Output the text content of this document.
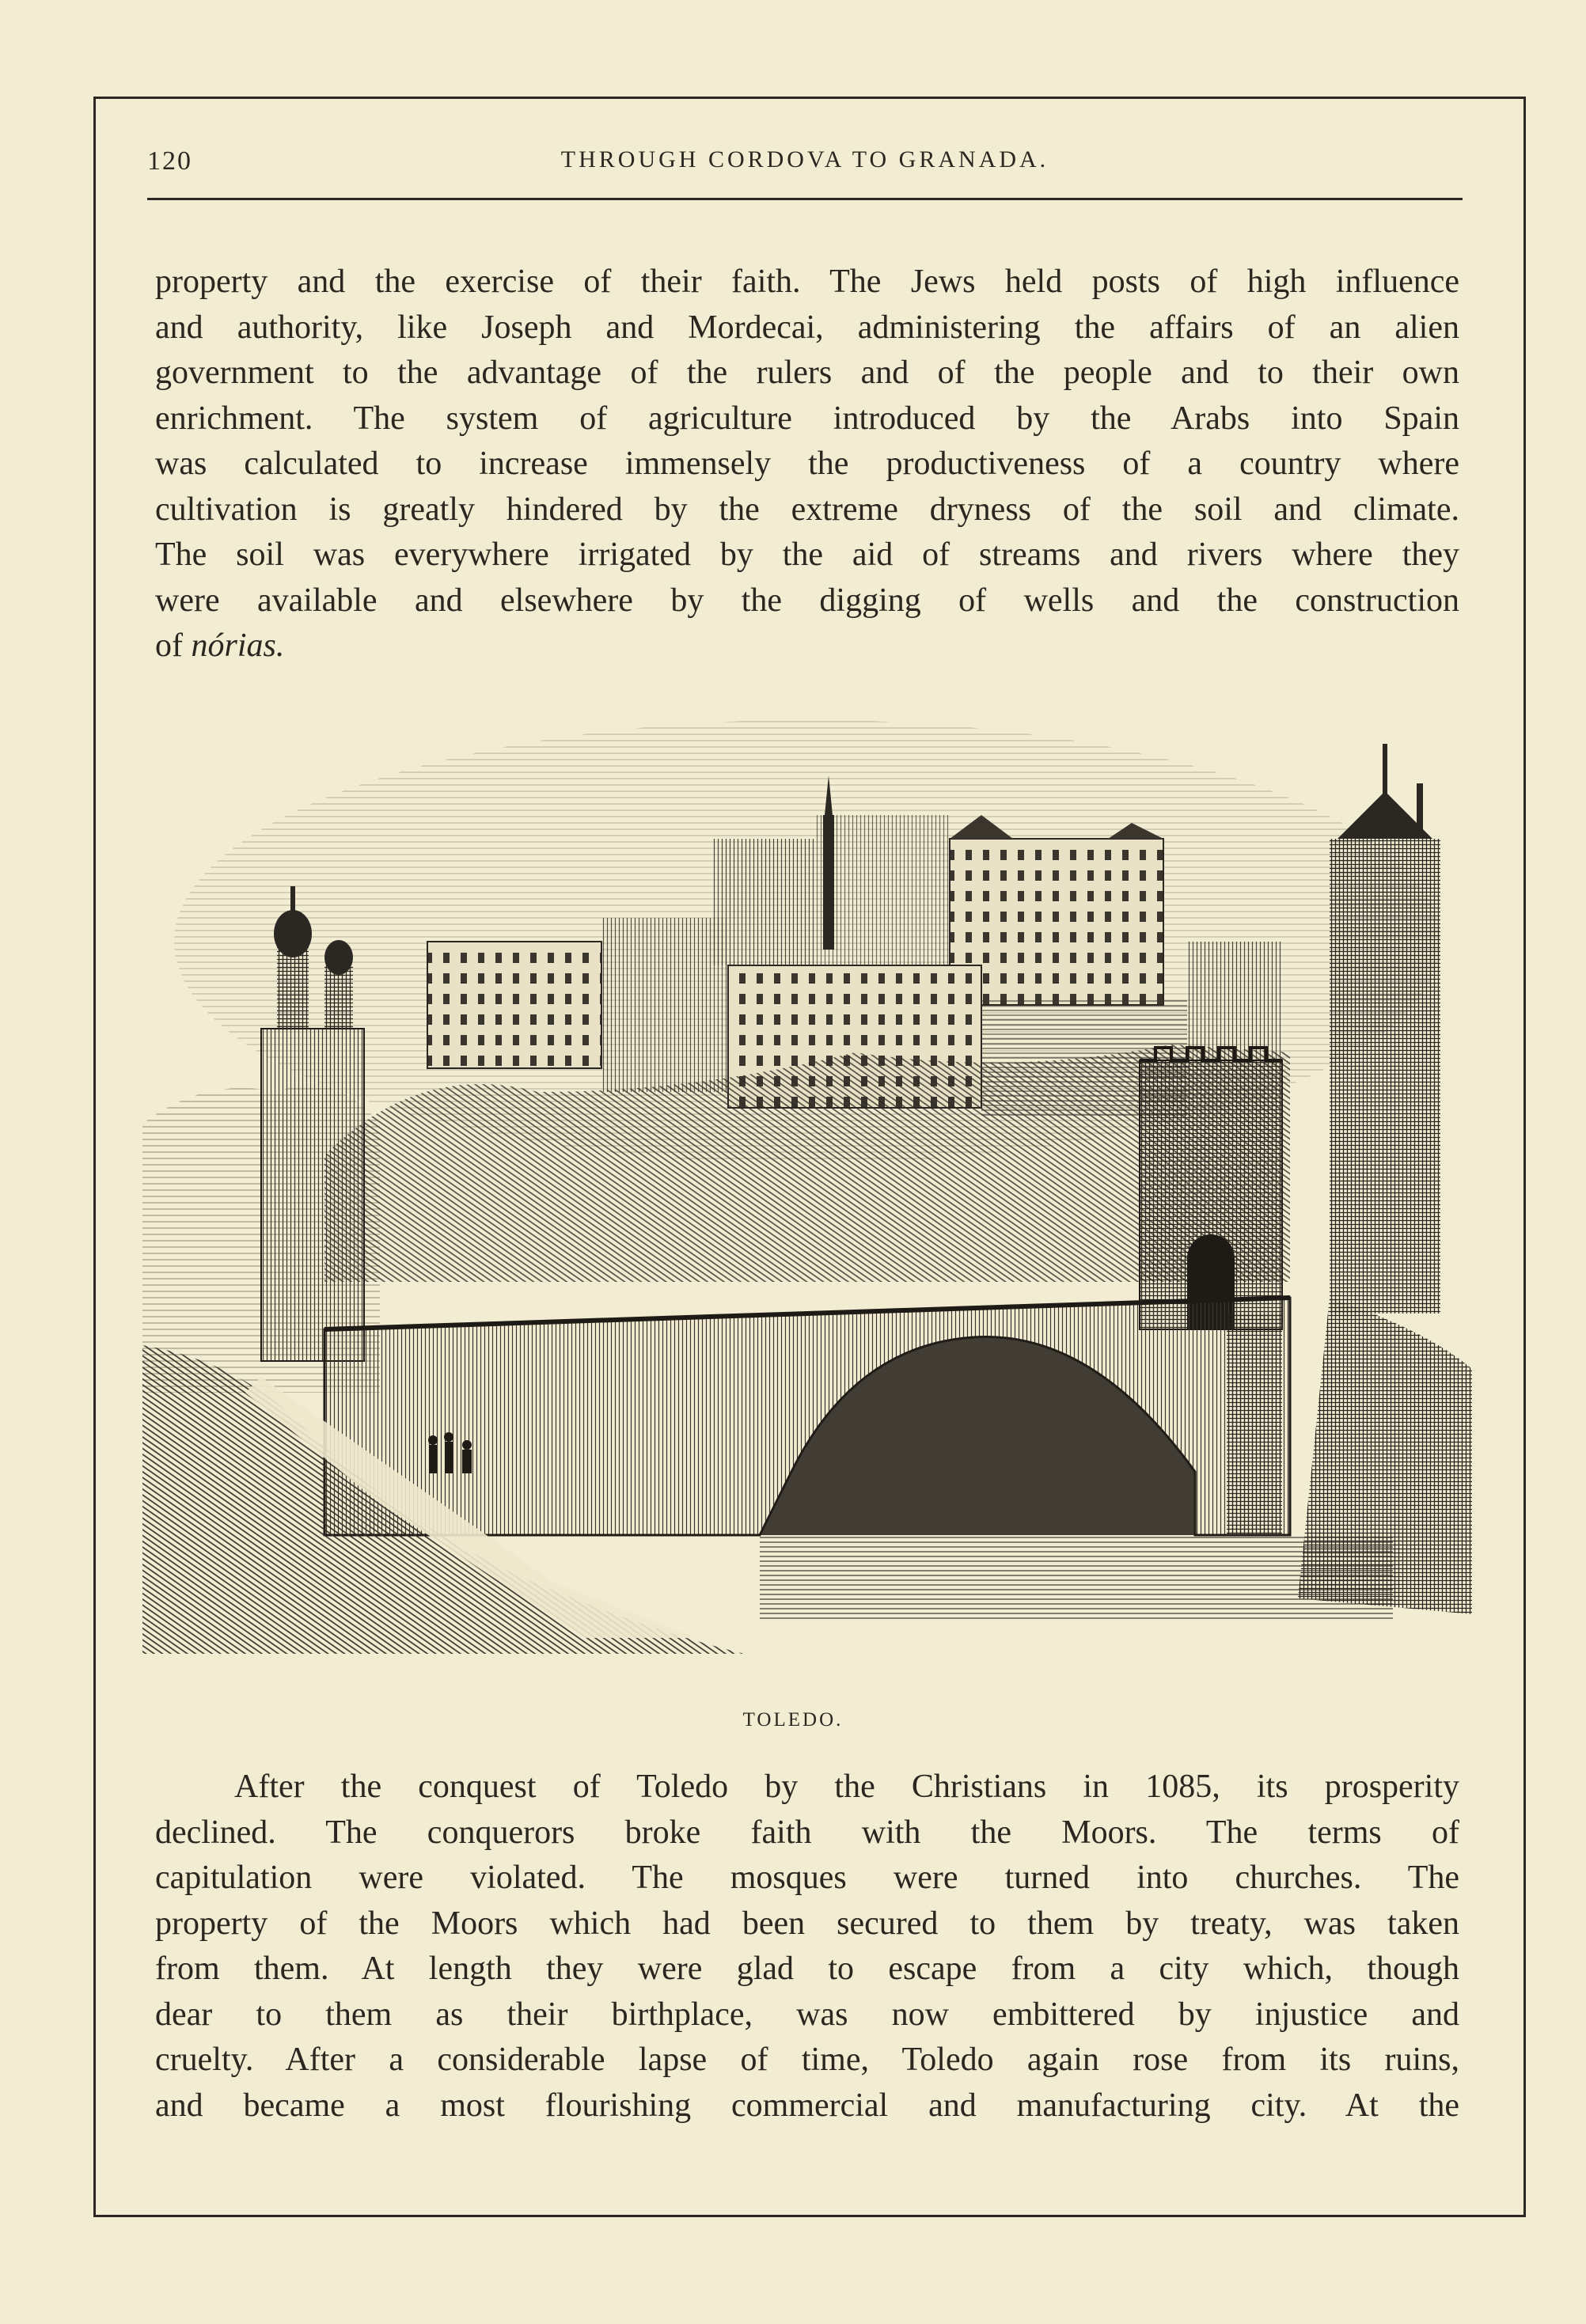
120	THROUGH CORDOVA TO GRANADA.
property and the exercise of their faith. The Jews held posts of high influence
and authority, like Joseph and Mordecai, administering the affairs of an alien
government to the advantage of the rulers and of the people and to their own
enrichment. The system of agriculture introduced by the Arabs into Spain
was calculated to increase immensely the productiveness of a country where
cultivation is greatly hindered by the extreme dryness of the soil and climate.
The soil was everywhere irrigated by the aid of streams and rivers where they
were available and elsewhere by the digging of wells and the construction
of nórias.
TOLEDO.
After the conquest of Toledo by the Christians in 1085, its prosperity
declined. The conquerors broke faith with the Moors. The terms of
capitulation were violated. The mosques were turned into churches. The
property of the Moors which had been secured to them by treaty, was taken
from them. At length they were glad to escape from a city which, though
dear to them as their birthplace, was now embittered by injustice and
cruelty. After a considerable lapse of time, Toledo again rose from its ruins,
and became a most flourishing commercial and manufacturing city. At the
